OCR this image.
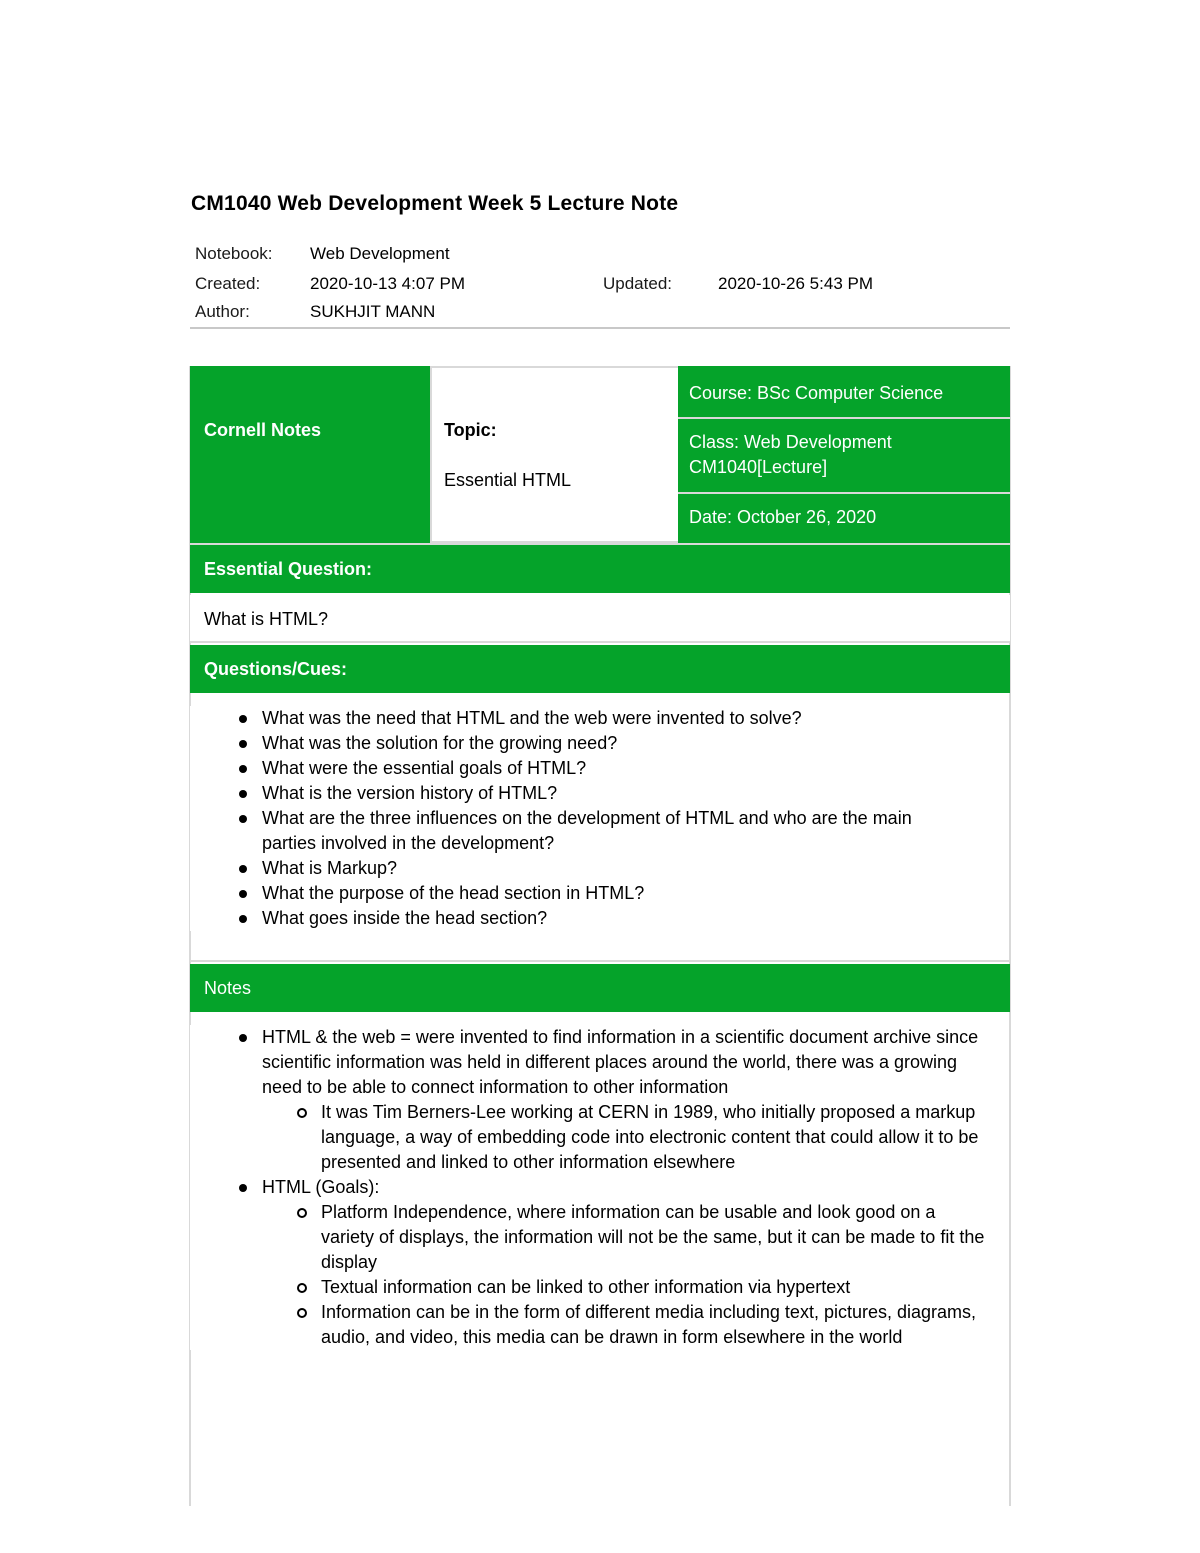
CM1040 Web Development Week 5 Lecture Note
Notebook: Web Development
Created:	2020-10-13 4:07 PM	Updated:	2020-10-26 5:43 PM
Author:	SUKHJIT MANN
Cornell Notes	Topic:
Essential HTML
Course: BSc Computer Science
Class: Web Development
CM1040[Lecture]
Date: October 26, 2020
Essential Question:
What is HTML?
Questions/Cues:
What was the need that HTML and the web were invented to solve?
What was the solution for the growing need?
What were the essential goals of HTML?
What is the version history of HTML?
What are the three influences on the development of HTML and who are the main parties involved in the development?
What is Markup?
What the purpose of the head section in HTML?
What goes inside the head section?
Notes
HTML & the web = were invented to find information in a scientific document archive since scientific information was held in different places around the world, there was a growing need to be able to connect information to other information
It was Tim Berners-Lee working at CERN in 1989, who initially proposed a markup language, a way of embedding code into electronic content that could allow it to be presented and linked to other information elsewhere
HTML (Goals):
Platform Independence, where information can be usable and look good on a variety of displays, the information will not be the same, but it can be made to fit the display
Textual information can be linked to other information via hypertext
Information can be in the form of different media including text, pictures, diagrams, audio, and video, this media can be drawn in form elsewhere in the world
